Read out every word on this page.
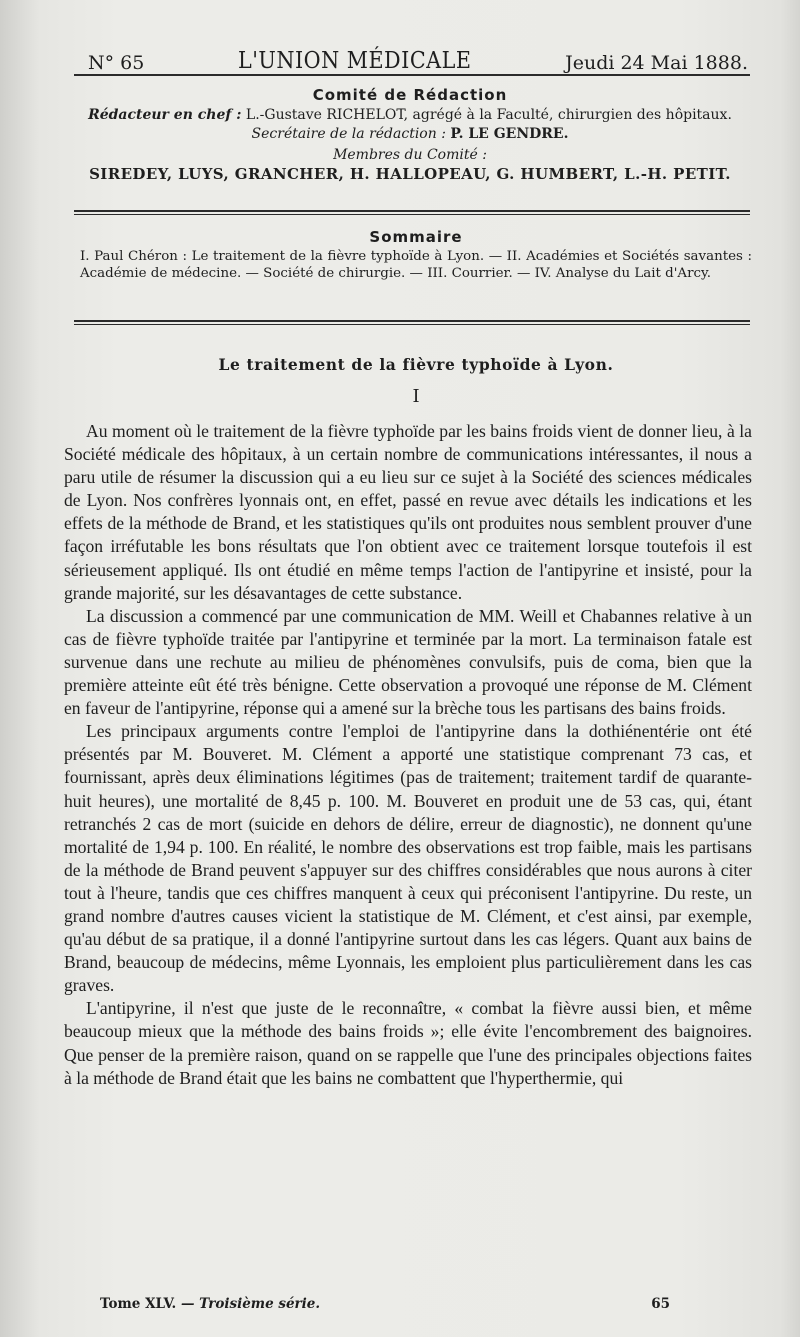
N° 65	L'UNION MÉDICALE	Jeudi 24 Mai 1888.
Comité de Rédaction
Rédacteur en chef : L.-Gustave RICHELOT, agrégé à la Faculté, chirurgien des hôpitaux.
Secrétaire de la rédaction : P. LE GENDRE.
Membres du Comité :
SIREDEY, LUYS, GRANCHER, H. HALLOPEAU, G. HUMBERT, L.-H. PETIT.
Sommaire
I. Paul Chéron : Le traitement de la fièvre typhoïde à Lyon. — II. Académies et Sociétés savantes : Académie de médecine. — Société de chirurgie. — III. Courrier. — IV. Analyse du Lait d'Arcy.
Le traitement de la fièvre typhoïde à Lyon.
I

Au moment où le traitement de la fièvre typhoïde par les bains froids vient de donner lieu, à la Société médicale des hôpitaux, à un certain nombre de communications intéressantes, il nous a paru utile de résumer la discussion qui a eu lieu sur ce sujet à la Société des sciences médicales de Lyon. Nos confrères lyonnais ont, en effet, passé en revue avec détails les indications et les effets de la méthode de Brand, et les statistiques qu'ils ont produites nous semblent prouver d'une façon irréfutable les bons résultats que l'on obtient avec ce traitement lorsque toutefois il est sérieusement appliqué. Ils ont étudié en même temps l'action de l'antipyrine et insisté, pour la grande majorité, sur les désavantages de cette substance.

La discussion a commencé par une communication de MM. Weill et Chabannes relative à un cas de fièvre typhoïde traitée par l'antipyrine et terminée par la mort. La terminaison fatale est survenue dans une rechute au milieu de phénomènes convulsifs, puis de coma, bien que la première atteinte eût été très bénigne. Cette observation a provoqué une réponse de M. Clément en faveur de l'antipyrine, réponse qui a amené sur la brèche tous les partisans des bains froids.

Les principaux arguments contre l'emploi de l'antipyrine dans la dothiénentérie ont été présentés par M. Bouveret. M. Clément a apporté une statistique comprenant 73 cas, et fournissant, après deux éliminations légitimes (pas de traitement; traitement tardif de quarante-huit heures), une mortalité de 8,45 p. 100. M. Bouveret en produit une de 53 cas, qui, étant retranchés 2 cas de mort (suicide en dehors de délire, erreur de diagnostic), ne donnent qu'une mortalité de 1,94 p. 100. En réalité, le nombre des observations est trop faible, mais les partisans de la méthode de Brand peuvent s'appuyer sur des chiffres considérables que nous aurons à citer tout à l'heure, tandis que ces chiffres manquent à ceux qui préconisent l'antipyrine. Du reste, un grand nombre d'autres causes vicient la statistique de M. Clément, et c'est ainsi, par exemple, qu'au début de sa pratique, il a donné l'antipyrine surtout dans les cas légers. Quant aux bains de Brand, beaucoup de médecins, même Lyonnais, les emploient plus particulièrement dans les cas graves.

L'antipyrine, il n'est que juste de le reconnaître, « combat la fièvre aussi bien, et même beaucoup mieux que la méthode des bains froids »; elle évite l'encombrement des baignoires. Que penser de la première raison, quand on se rappelle que l'une des principales objections faites à la méthode de Brand était que les bains ne combattent que l'hyperthermie, qui

Tome XLV. — Troisième série.	65
